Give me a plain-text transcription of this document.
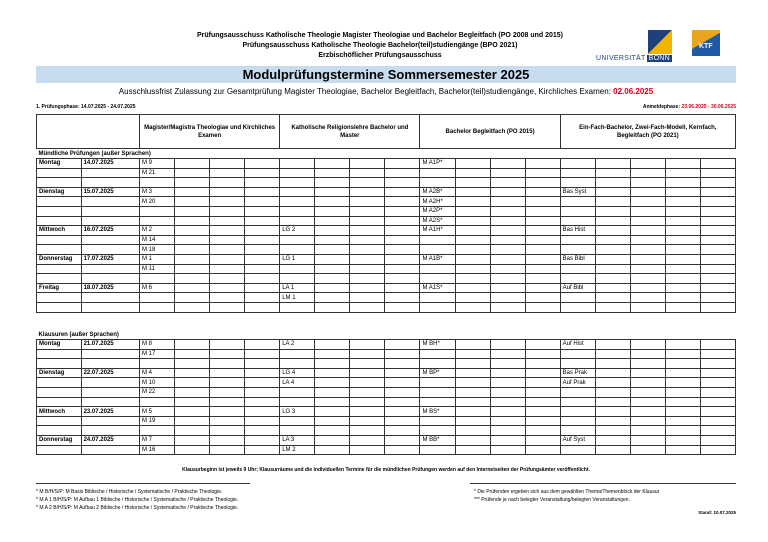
Prüfungsausschuss Katholische Theologie Magister Theologiae und Bachelor Begleitfach (PO 2008 und 2015)
Prüfungsausschuss Katholische Theologie Bachelor(teil)studiengänge (BPO 2021)
Erzbischöflicher Prüfungsausschuss
KTF
UNIVERSITÄT BONN
Modulprüfungstermine Sommersemester 2025
Ausschlussfrist Zulassung zur Gesamtprüfung Magister Theologiae, Bachelor Begleitfach, Bachelor(teil)studiengänge, Kirchliches Examen: 02.06.2025
1. Prüfungsphase: 14.07.2025 - 24.07.2025	Anmeldephase: 23.06.2025 - 30.06.2025
		Magister/Magistra Theologiae und Kirchliches Examen				Katholische Religionslehre Bachelor und Master				Bachelor Begleitfach (PO 2015)				Ein-Fach-Bachelor, Zwei-Fach-Modell, Kernfach, Begleitfach (PO 2021)				
Mündliche Prüfungen (außer Sprachen)																		
Montag	14.07.2025	M 9								M A1P*								
		M 21																

Dienstag	15.07.2025	M 3								M A2B*				Bas Syst				
		M 20								M A2H*								
										M A2P*								
										M A2S*								
Mittwoch	16.07.2025	M 2				LG 2				M A1H*				Bas Hist				
		M 14																
		M 18																
Donnerstag	17.07.2025	M 1				LG 1				M A1B*				Bas Bibl				
		M 11																

Freitag	18.07.2025	M 6				LA 1				M A1S*				Auf Bibl				
						LM 1												

Klausuren (außer Sprachen)																		
Montag	21.07.2025	M 8				LA 2				M BH*				Auf Hist				
		M 17																

Dienstag	22.07.2025	M 4				LG 4				M BP*				Bas Prak				
		M 10				LA 4								Auf Prak				
		M 22																

Mittwoch	23.07.2025	M 5				LG 3				M BS*								
		M 19																

Donnerstag	24.07.2025	M 7				LA 3				M BB*				Auf Syst				
		M 16				LM 2												
Klausurbeginn ist jeweils 9 Uhr; Klausurräume und die individuellen Termine für die mündlichen Prüfungen werden auf den Internetseiten der Prüfungsämter veröffentlicht.
* M B/H/S/P: M Basis Biblische / Historische / Systematische / Praktische Theologie.
* M A 1 B/H/S/P: M Aufbau 1 Biblische / Historische / Systematische / Praktische Theologie.
* M A 2 B/H/S/P: M Aufbau 2 Biblische / Historische / Systematische / Praktische Theologie.
* Die Prüfenden ergeben sich aus dem gewählten Thema/Themenblock der Klausur
*** Prüfende je nach belegter Veranstaltung/belegten Veranstaltungen.
Stand: 10.07.2025
